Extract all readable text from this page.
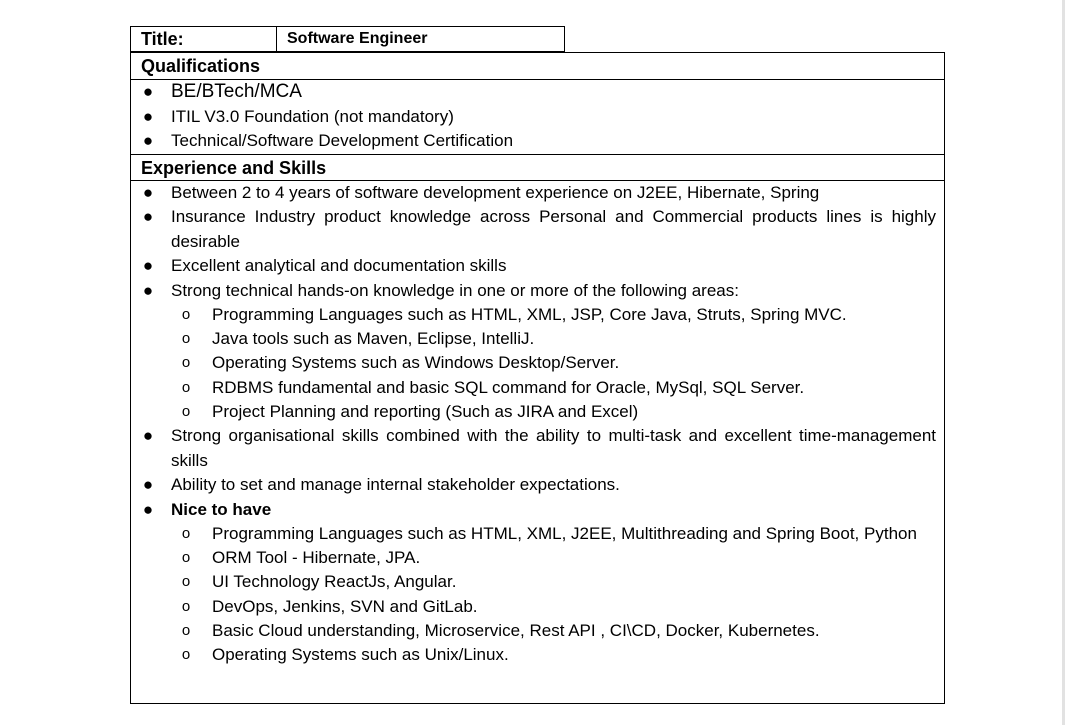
Title:	Software Engineer
Qualifications
● BE/BTech/MCA
● ITIL V3.0 Foundation (not mandatory)
● Technical/Software Development Certification
Experience and Skills
● Between 2 to 4 years of software development experience on J2EE, Hibernate, Spring
● Insurance Industry product knowledge across Personal and Commercial products lines is highly desirable
● Excellent analytical and documentation skills
● Strong technical hands-on knowledge in one or more of the following areas:
o Programming Languages such as HTML, XML, JSP, Core Java, Struts, Spring MVC.
o Java tools such as Maven, Eclipse, IntelliJ.
o Operating Systems such as Windows Desktop/Server.
o RDBMS fundamental and basic SQL command for Oracle, MySql, SQL Server.
o Project Planning and reporting (Such as JIRA and Excel)
● Strong organisational skills combined with the ability to multi-task and excellent time-management skills
● Ability to set and manage internal stakeholder expectations.
● Nice to have
o Programming Languages such as HTML, XML, J2EE, Multithreading and Spring Boot, Python
o ORM Tool - Hibernate, JPA.
o UI Technology ReactJs, Angular.
o DevOps, Jenkins, SVN and GitLab.
o Basic Cloud understanding, Microservice, Rest API , CI\CD, Docker, Kubernetes.
o Operating Systems such as Unix/Linux.
